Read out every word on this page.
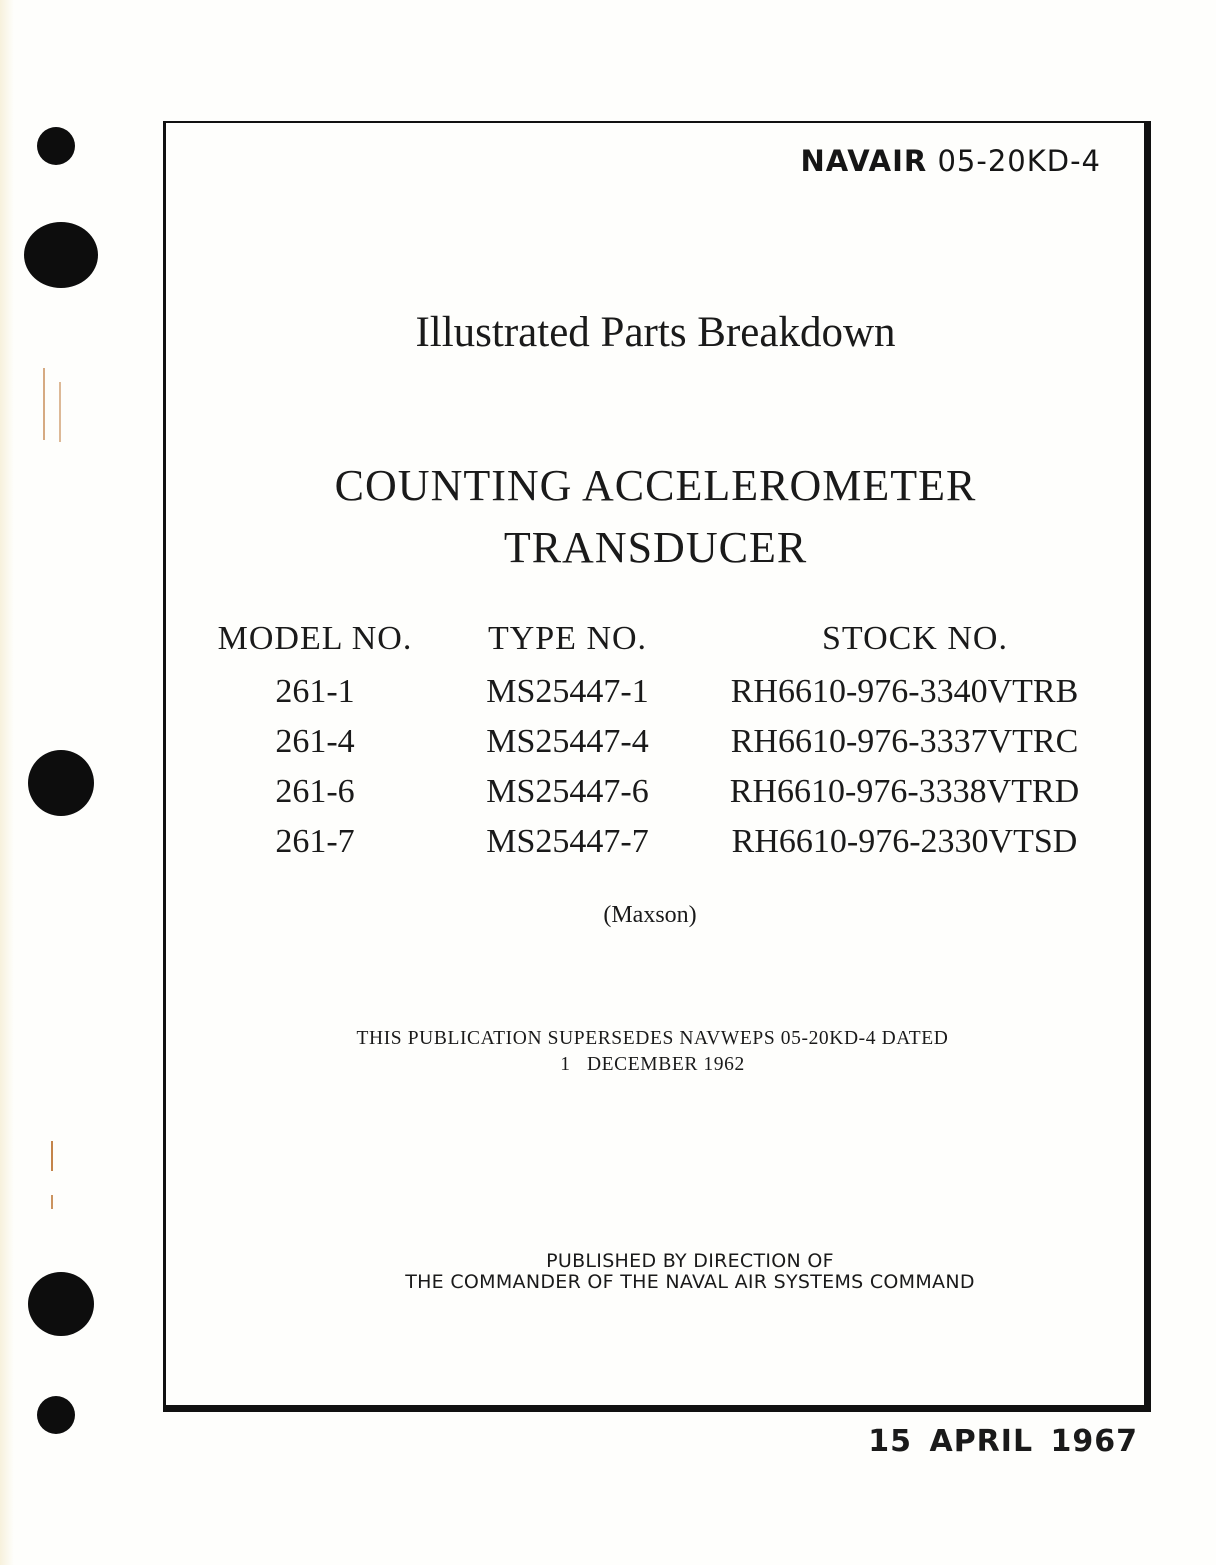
NAVAIR 05-20KD-4
Illustrated Parts Breakdown
COUNTING ACCELEROMETER
TRANSDUCER
MODEL NO.	TYPE NO.	STOCK NO.
261-1	MS25447-1	RH6610-976-3340VTRB
261-4	MS25447-4	RH6610-976-3337VTRC
261-6	MS25447-6	RH6610-976-3338VTRD
261-7	MS25447-7	RH6610-976-2330VTSD
(Maxson)
THIS PUBLICATION SUPERSEDES NAVWEPS 05-20KD-4 DATED
1   DECEMBER 1962
PUBLISHED BY DIRECTION OF
THE COMMANDER OF THE NAVAL AIR SYSTEMS COMMAND
15 APRIL 1967
